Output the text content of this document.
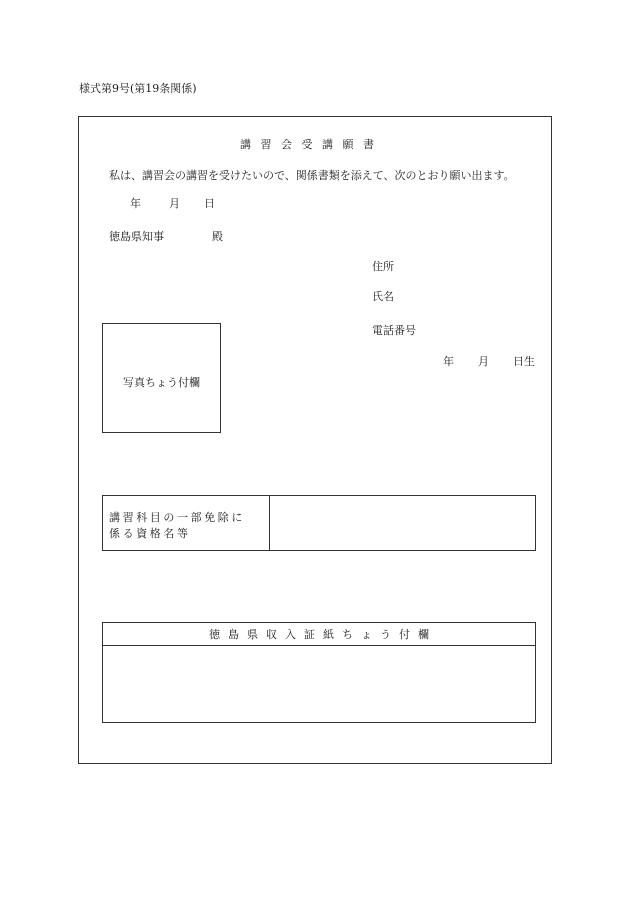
様式第9号(第19条関係)
講習会受講願書
私は、講習会の講習を受けたいので、関係書類を添えて、次のとおり願い出ます。
年	月 日
徳島県知事	殿
住所
氏名
電話番号
年 月 日生
写真ちょう付欄
講習科目の一部免除に
係る資格名等
徳島県収入証紙ちょう付欄
